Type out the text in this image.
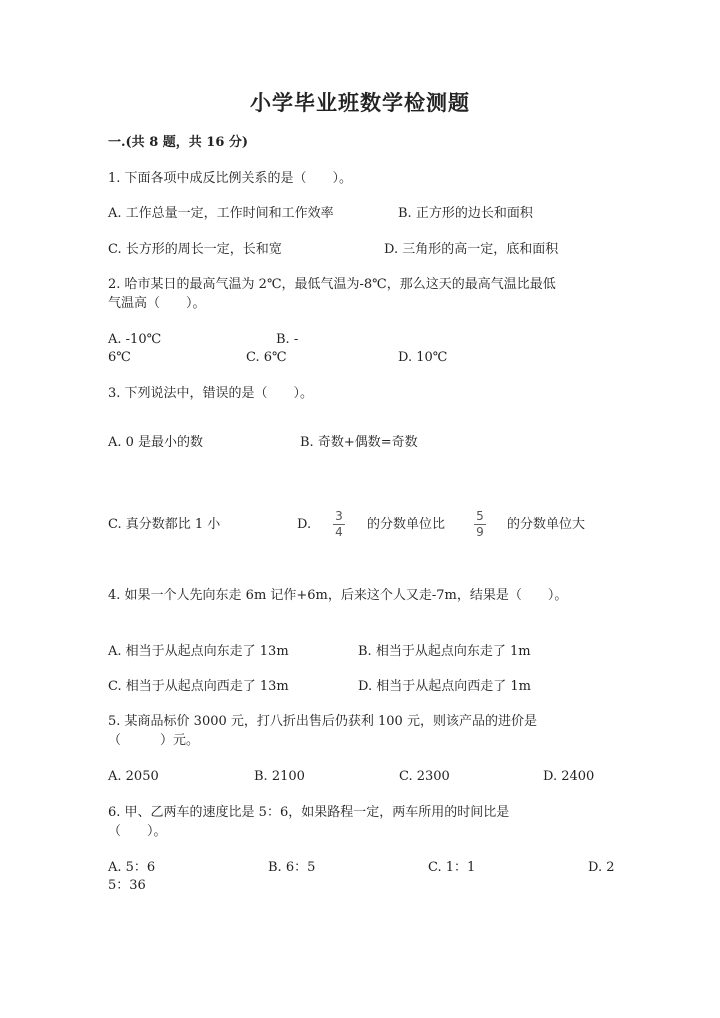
小学毕业班数学检测题
一.(共 8 题，共 16 分)
1. 下面各项中成反比例关系的是（　　）。
A. 工作总量一定，工作时间和工作效率	B. 正方形的边长和面积
C. 长方形的周长一定，长和宽	D. 三角形的高一定，底和面积
2. 哈市某日的最高气温为 2℃，最低气温为-8℃，那么这天的最高气温比最低
气温高（　　）。
A. -10℃	B. -
6℃	C. 6℃	D. 10℃
3. 下列说法中，错误的是（　　）。
A. 0 是最小的数	B. 奇数+偶数=奇数
C. 真分数都比 1 小	D.
3
4	的分数单位比
5
9	的分数单位大
4. 如果一个人先向东走 6m 记作+6m，后来这个人又走-7m，结果是（　　）。
A. 相当于从起点向东走了 13m	B. 相当于从起点向东走了 1m
C. 相当于从起点向西走了 13m	D. 相当于从起点向西走了 1m
5. 某商品标价 3000 元，打八折出售后仍获利 100 元，则该产品的进价是
（　　　）元。
A. 2050	B. 2100	C. 2300	D. 2400
6. 甲、乙两车的速度比是 5：6，如果路程一定，两车所用的时间比是
（　　）。
A. 5：6	B. 6：5	C. 1：1	D. 2
5：36
